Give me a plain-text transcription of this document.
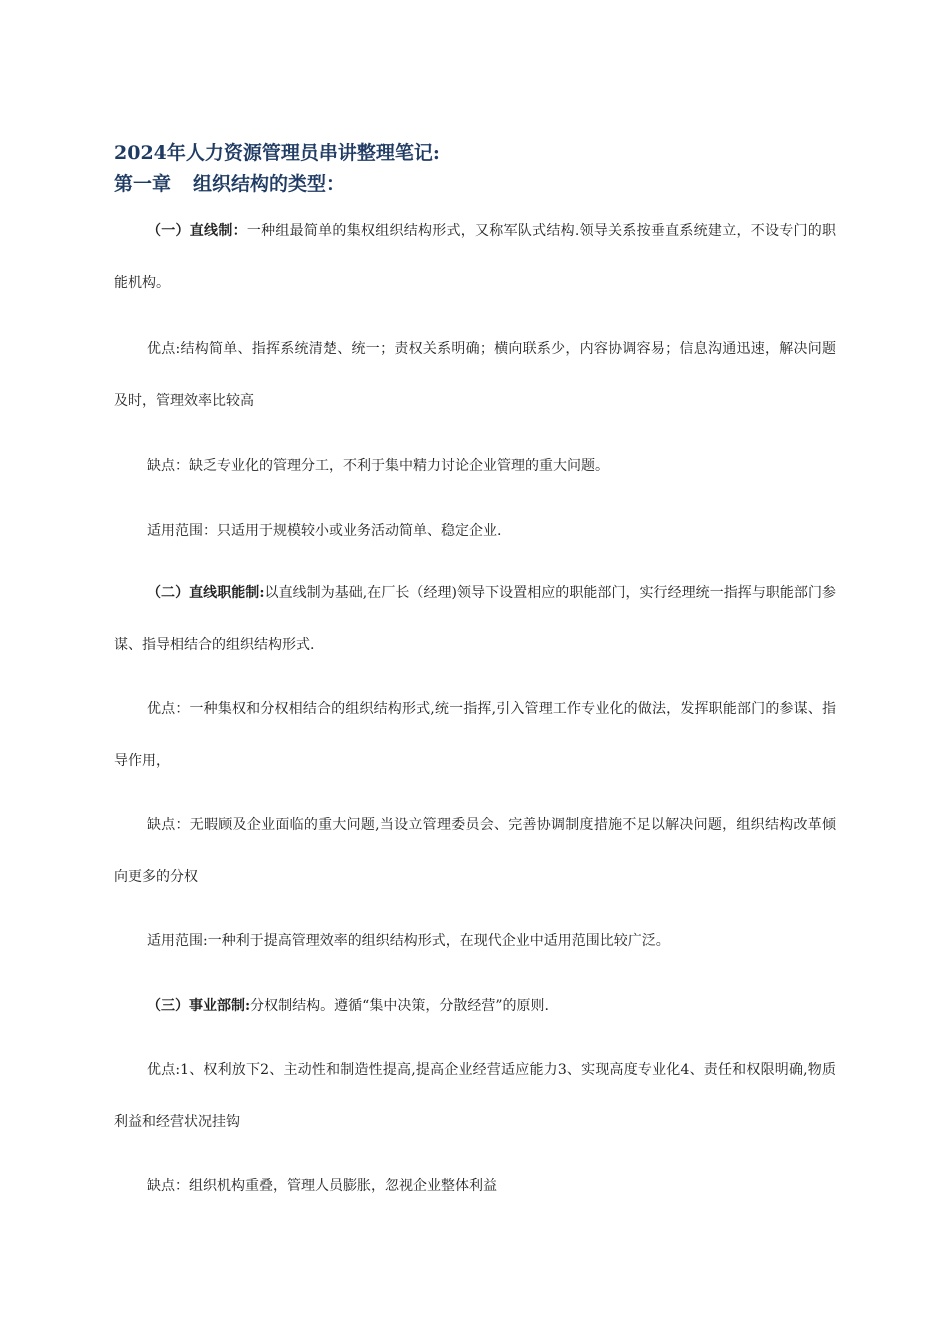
2024年人力资源管理员串讲整理笔记:
第一章 组织结构的类型：

（一）直线制：一种组最简单的集权组织结构形式，又称军队式结构.领导关系按垂直系统建立，不设专门的职能机构。

优点:结构简单、指挥系统清楚、统一；责权关系明确；横向联系少，内容协调容易；信息沟通迅速，解决问题及时，管理效率比较高

缺点：缺乏专业化的管理分工，不利于集中精力讨论企业管理的重大问题。

适用范围：只适用于规模较小或业务活动简单、稳定企业.

（二）直线职能制:以直线制为基础,在厂长（经理)领导下设置相应的职能部门，实行经理统一指挥与职能部门参谋、指导相结合的组织结构形式.

优点：一种集权和分权相结合的组织结构形式,统一指挥,引入管理工作专业化的做法，发挥职能部门的参谋、指导作用，

缺点：无暇顾及企业面临的重大问题,当设立管理委员会、完善协调制度措施不足以解决问题，组织结构改革倾向更多的分权

适用范围:一种利于提高管理效率的组织结构形式，在现代企业中适用范围比较广泛。

（三）事业部制:分权制结构。遵循“集中决策，分散经营”的原则.

优点:1、权利放下2、主动性和制造性提高,提高企业经营适应能力3、实现高度专业化4、责任和权限明确,物质利益和经营状况挂钩

缺点：组织机构重叠，管理人员膨胀，忽视企业整体利益
